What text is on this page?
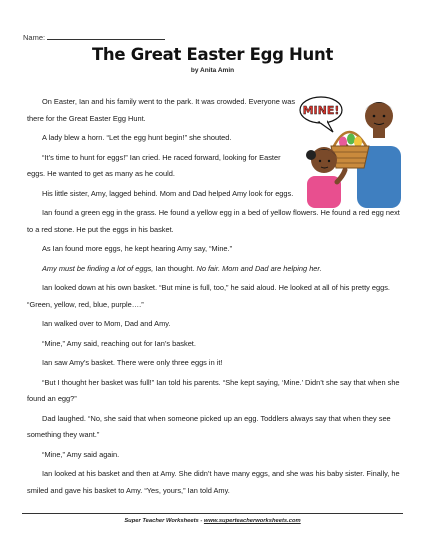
Name:
The Great Easter Egg Hunt
by Anita Amin
MINE!

On Easter, Ian and his family went to the park. It was crowded. Everyone was there for the Great Easter Egg Hunt.

A lady blew a horn. “Let the egg hunt begin!” she shouted.

“It’s time to hunt for eggs!” Ian cried. He raced forward, looking for Easter eggs. He wanted to get as many as he could.

His little sister, Amy, lagged behind. Mom and Dad helped Amy look for eggs.

Ian found a green egg in the grass. He found a yellow egg in a bed of yellow flowers. He found a red egg next to a red stone. He put the eggs in his basket.

As Ian found more eggs, he kept hearing Amy say, “Mine.”

Amy must be finding a lot of eggs, Ian thought. No fair. Mom and Dad are helping her.

Ian looked down at his own basket. “But mine is full, too,” he said aloud. He looked at all of his pretty eggs. “Green, yellow, red, blue, purple….”

Ian walked over to Mom, Dad and Amy.

“Mine,” Amy said, reaching out for Ian’s basket.

Ian saw Amy’s basket. There were only three eggs in it!

“But I thought her basket was full!” Ian told his parents. “She kept saying, ‘Mine.’ Didn’t she say that when she found an egg?”

Dad laughed. “No, she said that when someone picked up an egg. Toddlers always say that when they see something they want.”

“Mine,” Amy said again.

Ian looked at his basket and then at Amy. She didn’t have many eggs, and she was his baby sister. Finally, he smiled and gave his basket to Amy. “Yes, yours,” Ian told Amy.

Super Teacher Worksheets - www.superteacherworksheets.com
